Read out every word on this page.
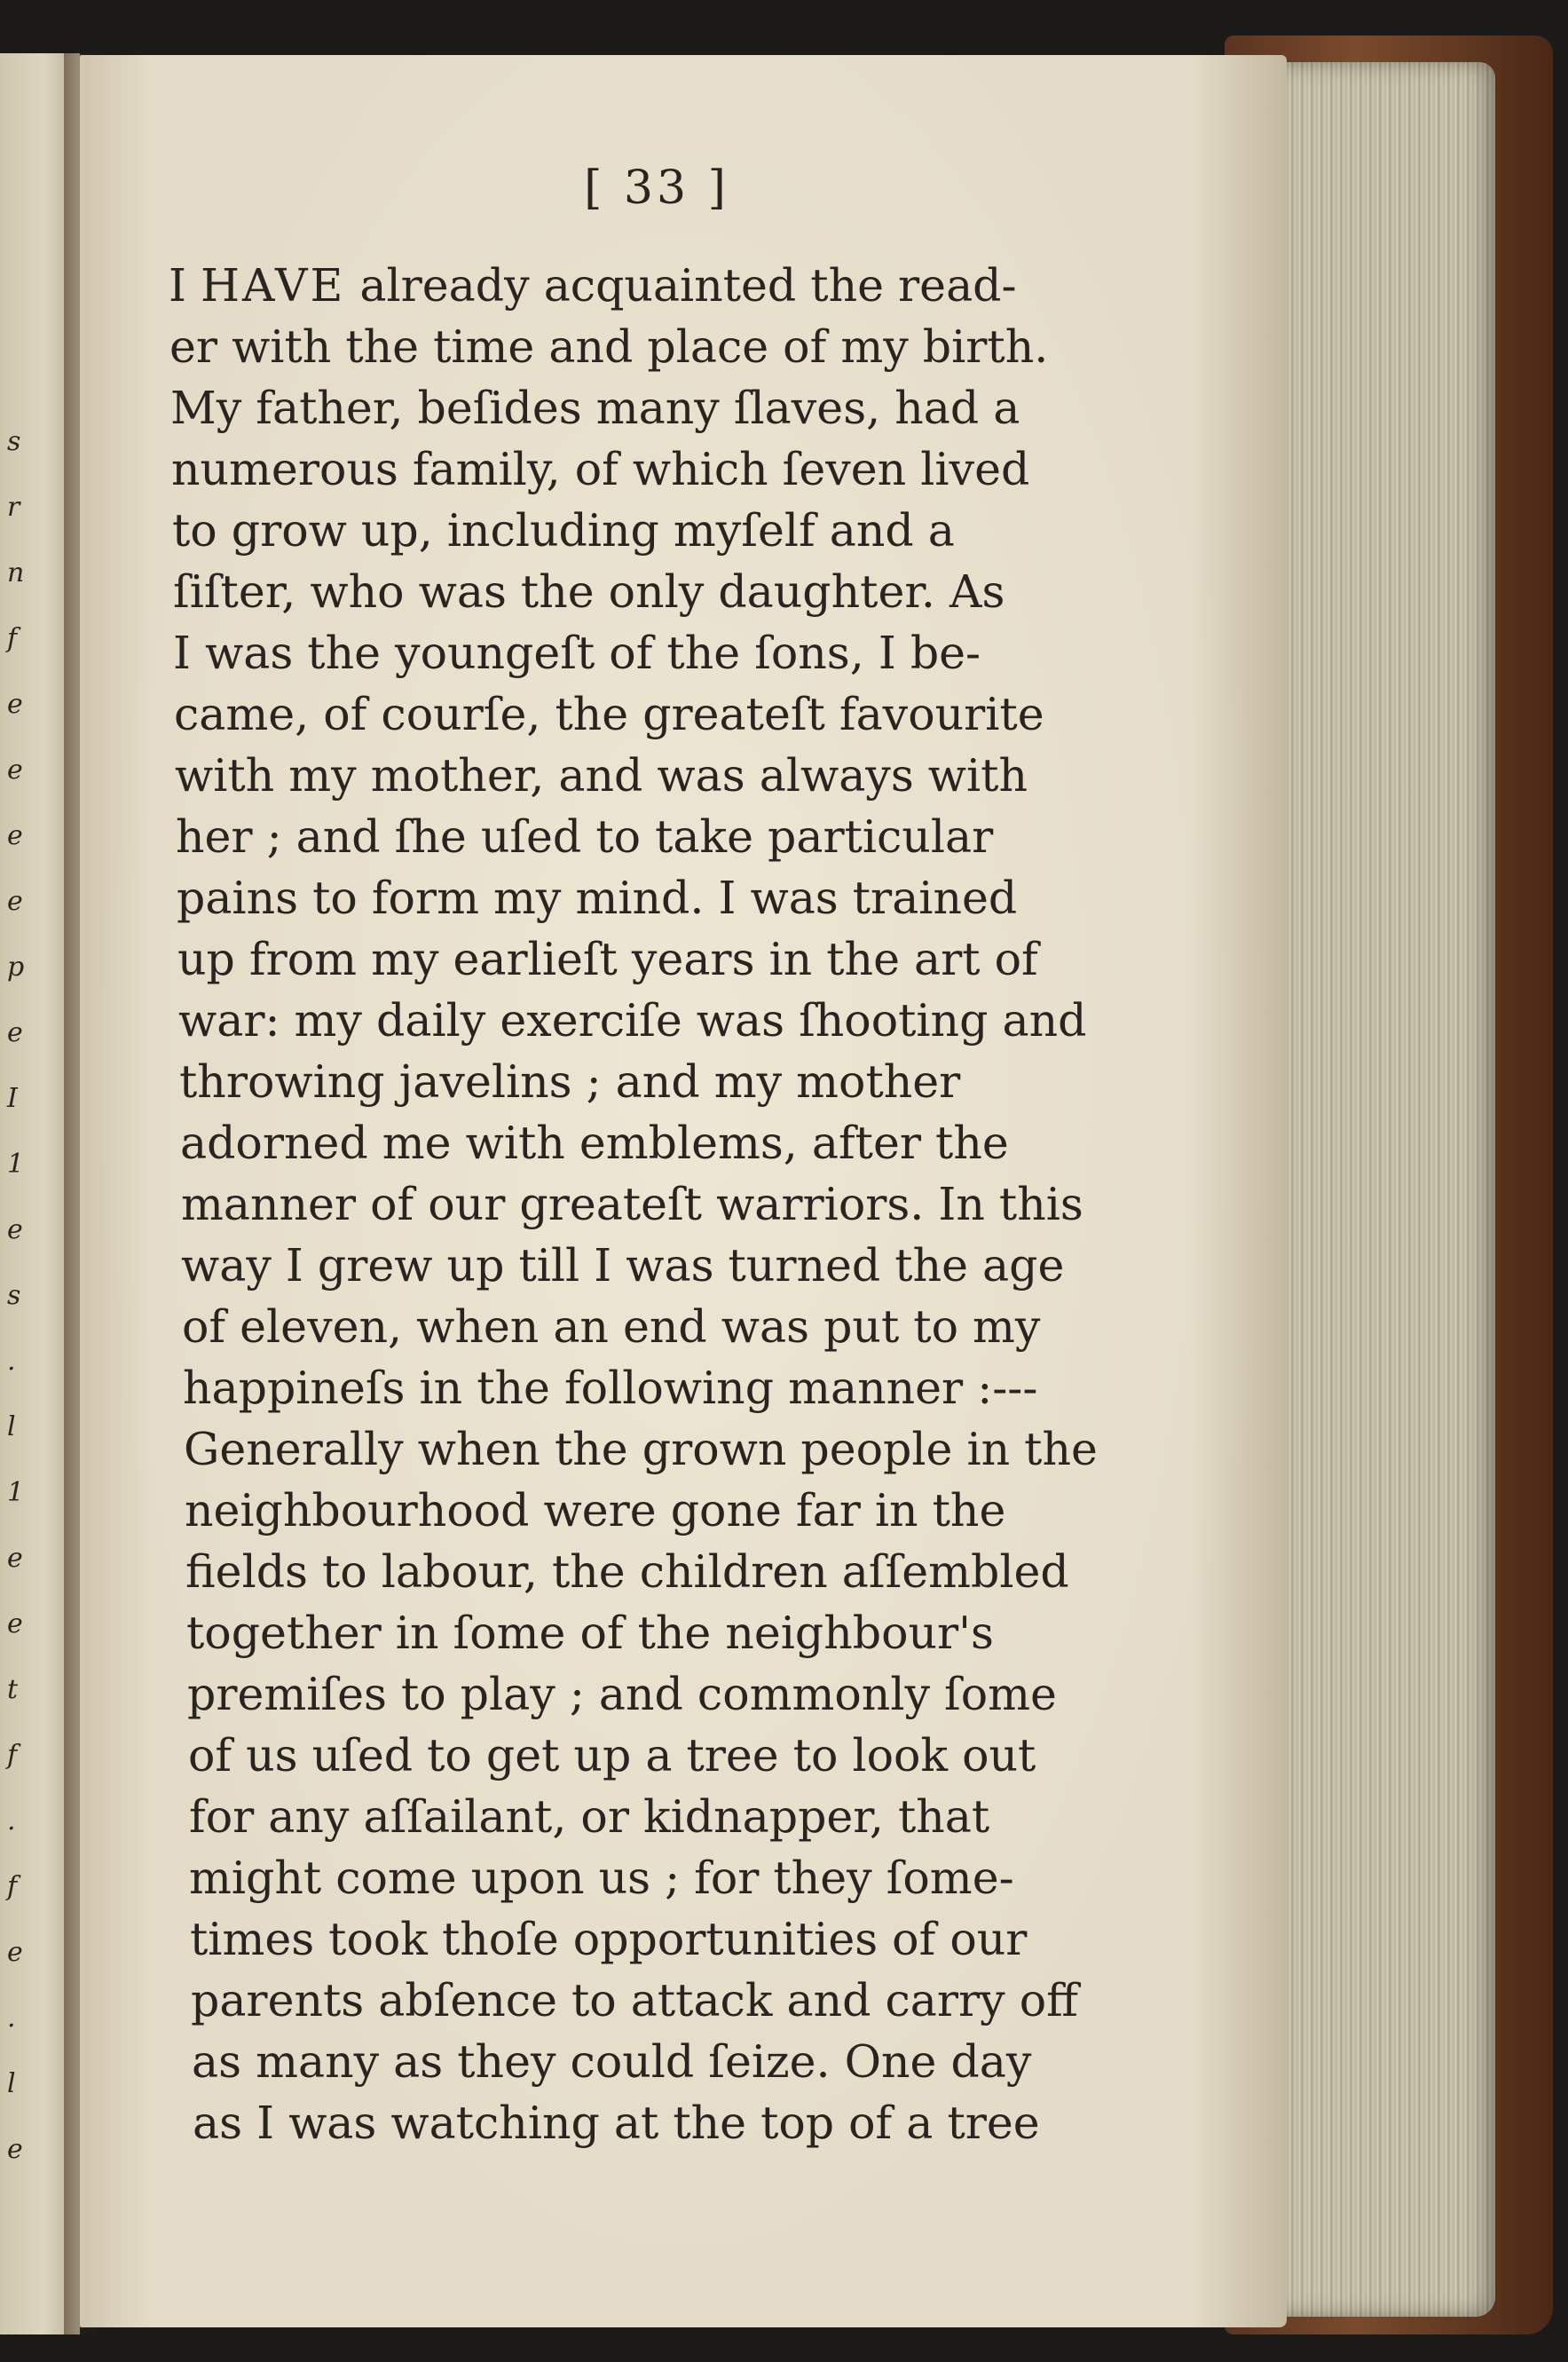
s
r
n
f
e
e
e
e
p
e
I
1
e
s
.
l
1
e
e
t
f
.
f
e
.
l
e
[ 33 ]
I HAVE already acquainted the read-
er with the time and place of my birth.
My father, beſides many ſlaves, had a
numerous family, of which ſeven lived
to grow up, including myſelf and a
ſiſter, who was the only daughter. As
I was the youngeſt of the ſons, I be-
came, of courſe, the greateſt favourite
with my mother, and was always with
her ; and ſhe uſed to take particular
pains to form my mind. I was trained
up from my earlieſt years in the art of
war: my daily exerciſe was ſhooting and
throwing javelins ; and my mother
adorned me with emblems, after the
manner of our greateſt warriors. In this
way I grew up till I was turned the age
of eleven, when an end was put to my
happineſs in the following manner :---
Generally when the grown people in the
neighbourhood were gone far in the
fields to labour, the children aſſembled
together in ſome of the neighbour's
premiſes to play ; and commonly ſome
of us uſed to get up a tree to look out
for any aſſailant, or kidnapper, that
might come upon us ; for they ſome-
times took thoſe opportunities of our
parents abſence to attack and carry off
as many as they could ſeize. One day
as I was watching at the top of a tree
